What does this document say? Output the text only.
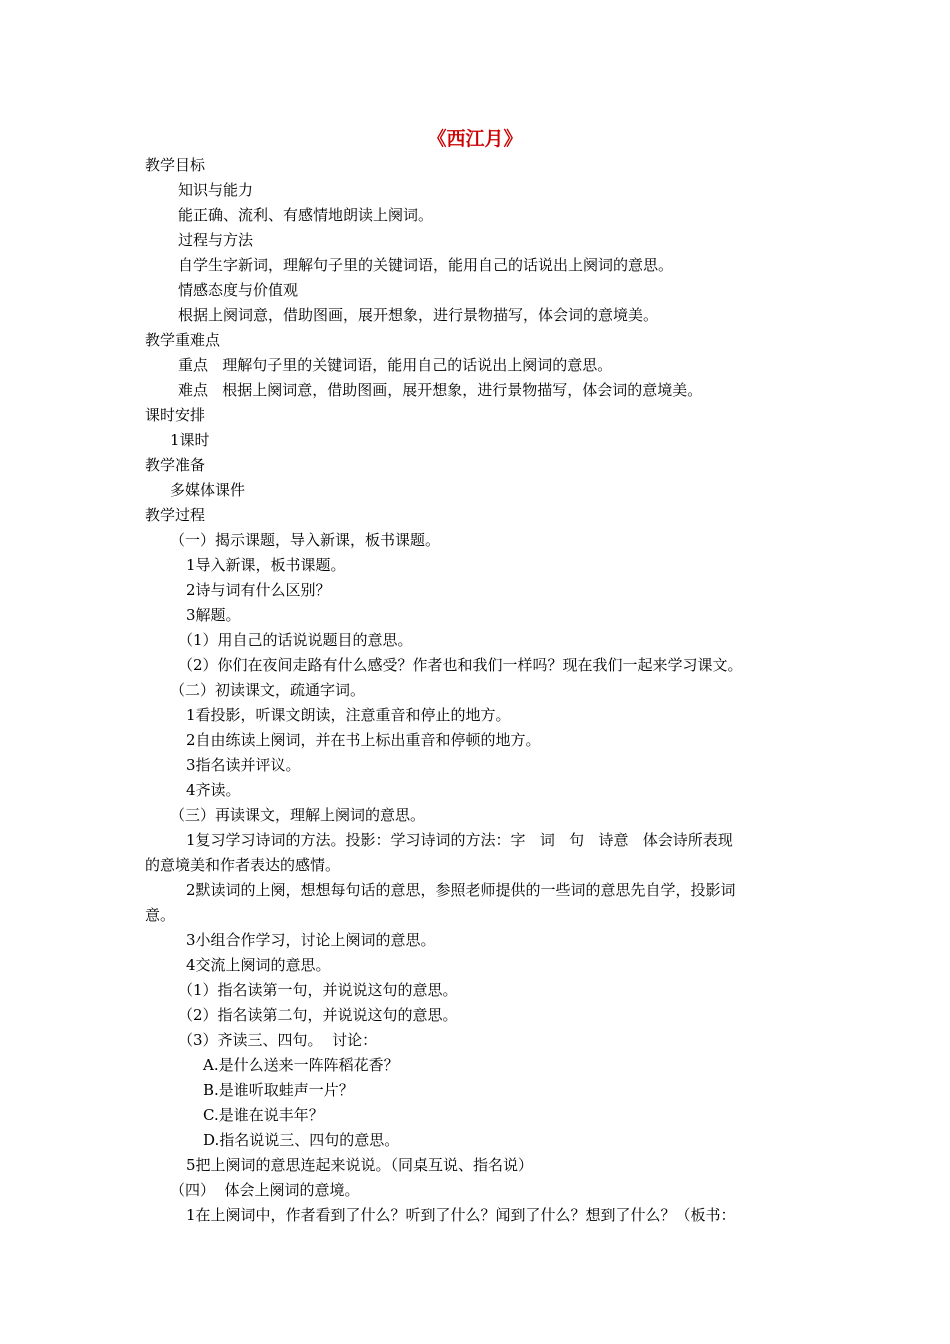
《西江月》
教学目标
知识与能力
能正确、流利、有感情地朗读上阕词。
过程与方法
自学生字新词，理解句子里的关键词语，能用自己的话说出上阕词的意思。
情感态度与价值观
根据上阕词意，借助图画，展开想象，进行景物描写，体会词的意境美。
教学重难点
重点   理解句子里的关键词语，能用自己的话说出上阕词的意思。
难点   根据上阕词意，借助图画，展开想象，进行景物描写，体会词的意境美。
课时安排
1课时
教学准备
多媒体课件
教学过程
（一）揭示课题，导入新课，板书课题。
1导入新课，板书课题。
2诗与词有什么区别？
3解题。
（1）用自己的话说说题目的意思。
（2）你们在夜间走路有什么感受？作者也和我们一样吗？现在我们一起来学习课文。
（二）初读课文，疏通字词。
1看投影，听课文朗读，注意重音和停止的地方。
2自由练读上阕词，并在书上标出重音和停顿的地方。
3指名读并评议。
4齐读。
（三）再读课文，理解上阕词的意思。
1复习学习诗词的方法。投影：学习诗词的方法：字   词   句   诗意   体会诗所表现
的意境美和作者表达的感情。
2默读词的上阕，想想每句话的意思，参照老师提供的一些词的意思先自学，投影词
意。
3小组合作学习，讨论上阕词的意思。
4交流上阕词的意思。
（1）指名读第一句，并说说这句的意思。
（2）指名读第二句，并说说这句的意思。
（3）齐读三、四句。  讨论：
A.是什么送来一阵阵稻花香？
B.是谁听取蛙声一片？
C.是谁在说丰年？
D.指名说说三、四句的意思。
5把上阕词的意思连起来说说。（同桌互说、指名说）
（四）  体会上阕词的意境。
1在上阕词中，作者看到了什么？听到了什么？闻到了什么？想到了什么？（板书：
